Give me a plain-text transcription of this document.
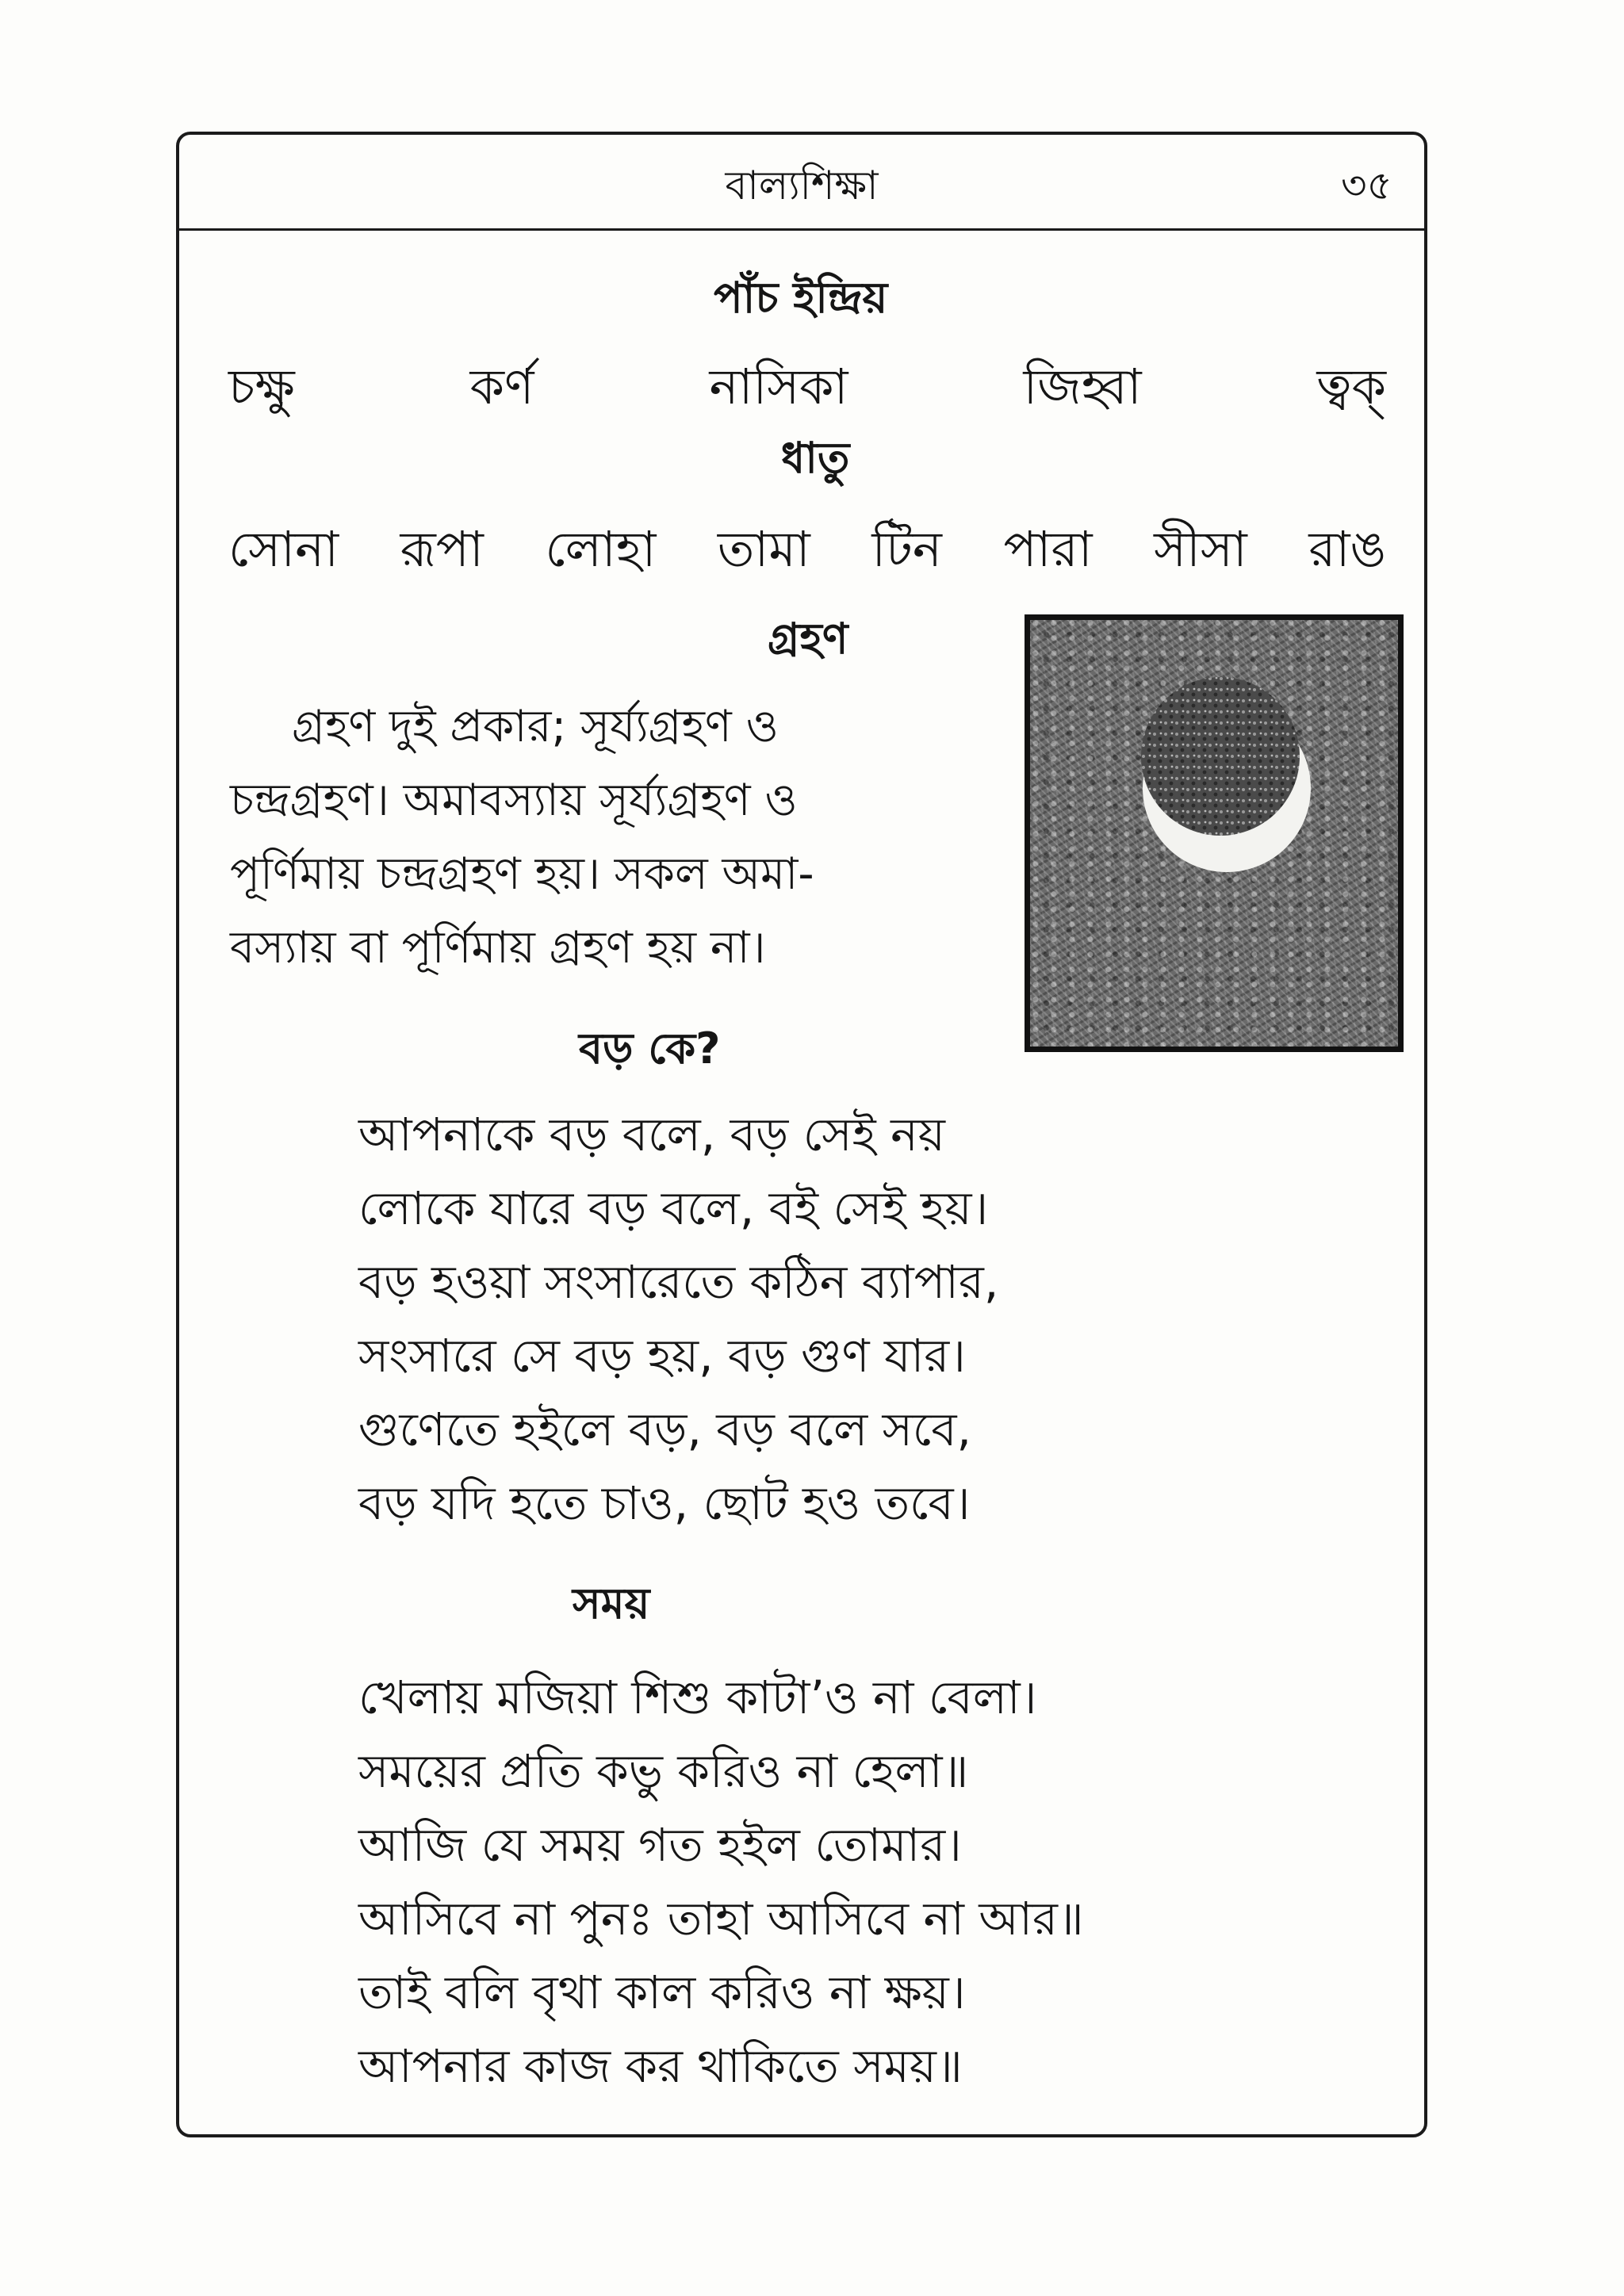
বাল্যশিক্ষা	৩৫
পাঁচ ইন্দ্রিয়
চক্ষু	কর্ণ	নাসিকা	জিহ্বা	ত্বক্
ধাতু
সোনা রূপা লোহা তামা টিন পারা সীসা রাঙ
গ্রহণ
গ্রহণ দুই প্রকার; সূর্য্যগ্রহণ ও
চন্দ্রগ্রহণ। অমাবস্যায় সূর্য্যগ্রহণ ও
পূর্ণিমায় চন্দ্রগ্রহণ হয়। সকল অমা-
বস্যায় বা পূর্ণিমায় গ্রহণ হয় না।
বড় কে?
আপনাকে বড় বলে, বড় সেই নয়
লোকে যারে বড় বলে, বই সেই হয়।
বড় হওয়া সংসারেতে কঠিন ব্যাপার,
সংসারে সে বড় হয়, বড় গুণ যার।
গুণেতে হইলে বড়, বড় বলে সবে,
বড় যদি হতে চাও, ছোট হও তবে।
সময়
খেলায় মজিয়া শিশু কাটা’ও না বেলা।
সময়ের প্রতি কভু করিও না হেলা॥
আজি যে সময় গত হইল তোমার।
আসিবে না পুনঃ তাহা আসিবে না আর॥
তাই বলি বৃথা কাল করিও না ক্ষয়।
আপনার কাজ কর থাকিতে সময়॥
